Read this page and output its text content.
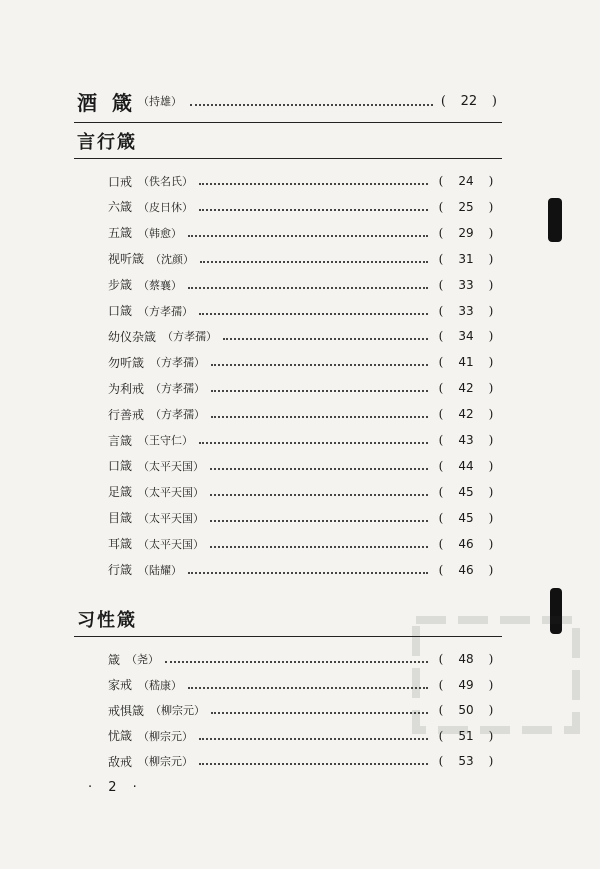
酒 箴 （持雄）	(	22	)
言行箴
口戒 （佚名氏）	(	24	)
六箴 （皮日休）	(	25	)
五箴 （韩愈）	(	29	)
视听箴 （沈颜）	(	31	)
步箴 （蔡襄）	(	33	)
口箴 （方孝孺）	(	33	)
幼仪杂箴 （方孝孺）	(	34	)
勿听箴 （方孝孺）	(	41	)
为利戒 （方孝孺）	(	42	)
行善戒 （方孝孺）	(	42	)
言箴 （王守仁）	(	43	)
口箴 （太平天国）	(	44	)
足箴 （太平天国）	(	45	)
目箴 （太平天国）	(	45	)
耳箴 （太平天国）	(	46	)
行箴 （陆耀）	(	46	)
习性箴
箴 （尧）	(	48	)
家戒 （嵇康）	(	49	)
戒惧箴 （柳宗元）	(	50	)
忧箴 （柳宗元）	(	51	)
敌戒 （柳宗元）	(	53	)
· 2 ·
